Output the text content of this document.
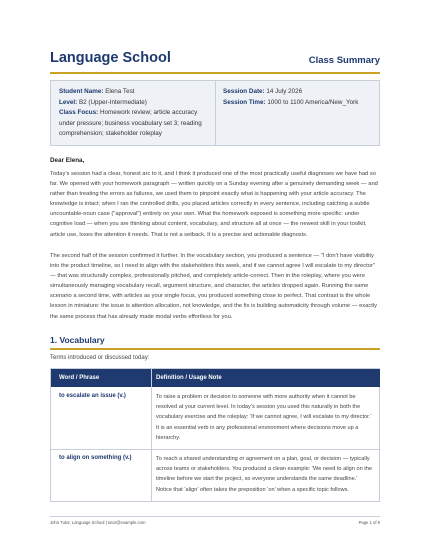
Language School	Class Summary
Student Name: Elena Test
Level: B2 (Upper-Intermediate)
Class Focus: Homework review; article accuracy under pressure; business vocabulary set 3; reading comprehension; stakeholder roleplay
Session Date: 14 July 2026
Session Time: 1000 to 1100 America/New_York
Dear Elena,
Today’s session had a clear, honest arc to it, and I think it produced one of the most practically useful diagnoses we have had so far. We opened with your homework paragraph — written quickly on a Sunday evening after a genuinely demanding week — and rather than treating the errors as failures, we used them to pinpoint exactly what is happening with your article accuracy. The knowledge is intact; when I ran the controlled drills, you placed articles correctly in every sentence, including catching a subtle uncountable-noun case ("approval") entirely on your own. What the homework exposed is something more specific: under cognitive load — when you are thinking about content, vocabulary, and structure all at once — the newest skill in your toolkit, article use, loses the attention it needs. That is not a setback. It is a precise and actionable diagnosis.
The second half of the session confirmed it further. In the vocabulary section, you produced a sentence — "I don’t have visibility into the product timeline, so I need to align with the stakeholders this week, and if we cannot agree I will escalate to my director" — that was structurally complex, professionally pitched, and completely article-correct. Then in the roleplay, where you were simultaneously managing vocabulary recall, argument structure, and character, the articles dropped again. Running the same scenario a second time, with articles as your single focus, you produced something close to perfect. That contrast is the whole lesson in miniature: the issue is attention allocation, not knowledge, and the fix is building automaticity through volume — exactly the same process that has already made modal verbs effortless for you.
1. Vocabulary
Terms introduced or discussed today:
Word / Phrase	Definition / Usage Note
to escalate an issue (v.)	To raise a problem or decision to someone with more authority when it cannot be resolved at your current level. In today’s session you used this naturally in both the vocabulary exercise and the roleplay: ‘If we cannot agree, I will escalate to my director.’ It is an essential verb in any professional environment where decisions move up a hierarchy.
to align on something (v.)	To reach a shared understanding or agreement on a plan, goal, or decision — typically across teams or stakeholders. You produced a clean example: ‘We need to align on the timeline before we start the project, so everyone understands the same deadline.’ Notice that ‘align’ often takes the preposition ‘on’ when a specific topic follows.
John Tutor, Language School | tutor@example.com	Page 1 of 8
